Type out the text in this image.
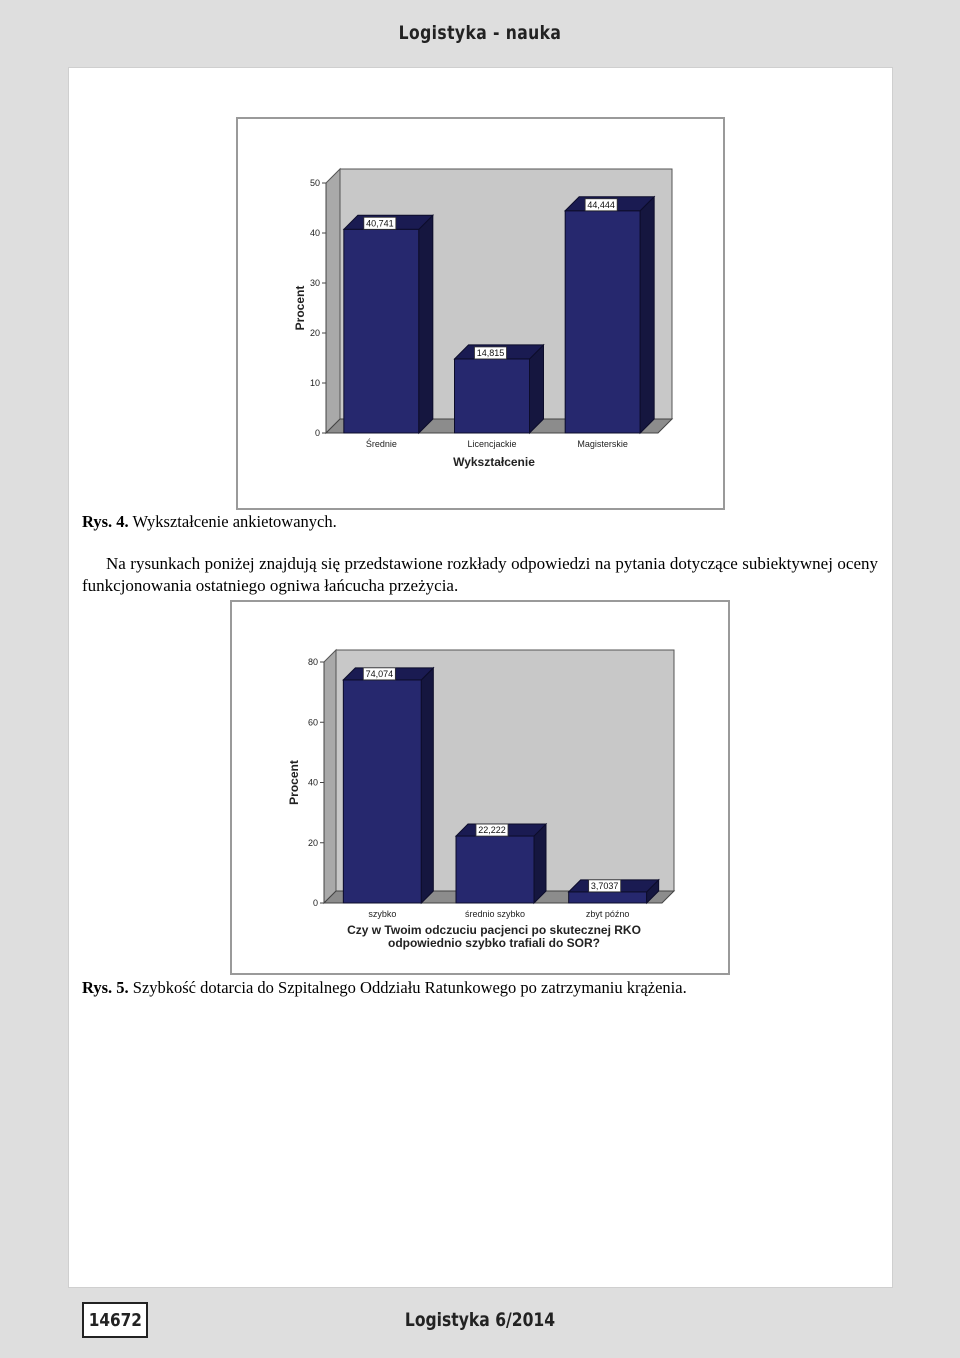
Logistyka - nauka
0
10
20
30
40
50
Procent
40,741
Średnie
14,815
Licencjackie
44,444
Magisterskie
Wykształcenie
Rys. 4. Wykształcenie ankietowanych.
Na rysunkach poniżej znajdują się przedstawione rozkłady odpowiedzi na pytania dotyczące subiektywnej oceny funkcjonowania ostatniego ogniwa łańcucha przeżycia.
0
20
40
60
80
Procent
74,074
szybko
22,222
średnio szybko
3,7037
zbyt późno
Czy w Twoim odczuciu pacjenci po skutecznej RKO
odpowiednio szybko trafiali do SOR?
Rys. 5. Szybkość dotarcia do Szpitalnego Oddziału Ratunkowego po zatrzymaniu krążenia.
14672	Logistyka 6/2014
